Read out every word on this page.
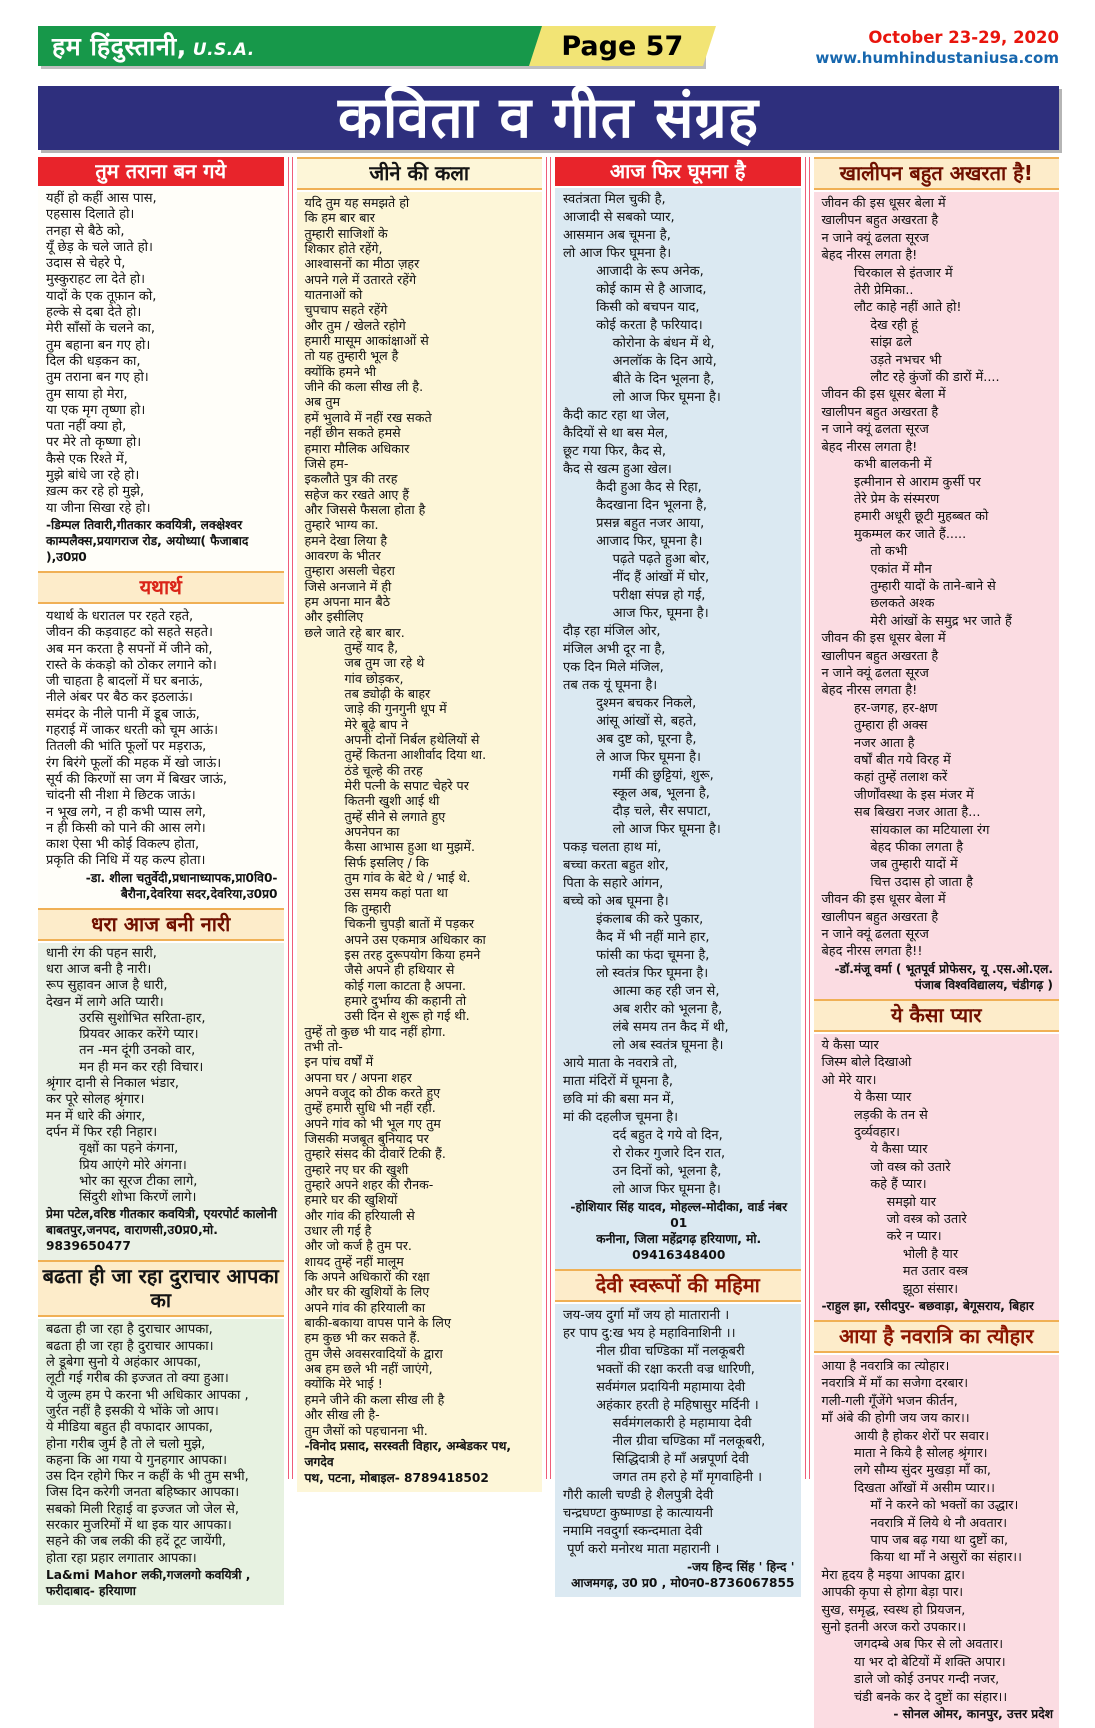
हम हिंदुस्तानी, U.S.A.	Page 57	October 23-29, 2020
www.humhindustaniusa.com
कविता व गीत संग्रह
तुम तराना बन गये
यहीं हो कहीं आस पास,
एहसास दिलाते हो।
तनहा से बैठे को,
यूँ छेड़ के चले जाते हो।
उदास से चेहरे पे,
मुस्कुराहट ला देते हो।
यादों के एक तूफ़ान को,
हल्के से दबा देते हो।
मेरी साँसों के चलने का,
तुम बहाना बन गए हो।
दिल की धड़कन का,
तुम तराना बन गए हो।
तुम साया हो मेरा,
या एक मृग तृष्णा हो।
पता नहीं क्या हो,
पर मेरे तो कृष्णा हो।
कैसे एक रिश्ते में,
मुझे बांधे जा रहे हो।
ख़त्म कर रहे हो मुझे,
या जीना सिखा रहे हो।
-डिम्पल तिवारी,गीतकार कवयित्री, लक्क्षेश्वर
काम्पलैक्स,प्रयागराज रोड, अयोध्या( फैजाबाद ),उ0प्र0
यथार्थ
यथार्थ के धरातल पर रहते रहते,
जीवन की कड़वाहट को सहते सहते।
अब मन करता है सपनों में जीने को,
रास्ते के कंकड़ो को ठोकर लगाने को।
जी चाहता है बादलों में घर बनाऊं,
नीले अंबर पर बैठ कर इठलाऊं।
समंदर के नीले पानी में डूब जाऊं,
गहराई में जाकर धरती को चूम आऊं।
तितली की भांति फूलों पर मड़राऊ,
रंग बिरंगे फूलों की महक में खो जाऊं।
सूर्य की किरणों सा जग में बिखर जाऊं,
चांदनी सी नीशा मे छिटक जाऊं।
न भूख लगे, न ही कभी प्यास लगे,
न ही किसी को पाने की आस लगे।
काश ऐसा भी कोई विकल्प होता,
प्रकृति की निधि में यह कल्प होता।
-डा. शीला चतुर्वेदी,प्रधानाध्यापक,प्रा0वि0-
बैरौना,देवरिया सदर,देवरिया,उ0प्र0
धरा आज बनी नारी
धानी रंग की पहन सारी,
धरा आज बनी है नारी।
रूप सुहावन आज है धारी,
देखन में लागे अति प्यारी।
उरसि सुशोभित सरिता-हार,
प्रियवर आकर करेंगे प्यार।
तन -मन दूंगी उनको वार,
मन ही मन कर रही विचार।
श्रृंगार दानी से निकाल भंडार,
कर पूरे सोलह श्रृंगार।
मन में धारे की अंगार,
दर्पन में फिर रही निहार।
वृक्षों का पहने कंगना,
प्रिय आएंगे मोरे अंगना।
भोर का सूरज टीका लागे,
सिंदुरी शोभा किरणें लागे।
प्रेमा पटेल,वरिष्ठ गीतकार कवयित्री, एयरपोर्ट कालोनी
बाबतपुर,जनपद, वाराणसी,उ0प्र0,मो. 9839650477
बढता ही जा रहा दुराचार आपका का
बढता ही जा रहा है दुराचार आपका,
बढता ही जा रहा है दुराचार आपका।
ले डूबेगा सुनो ये अहंकार आपका,
लूटी गई गरीब की इज्जत तो क्या हुआ।
ये जुल्म हम पे करना भी अधिकार आपका ,
जुर्रत नहीं है इसकी ये भोंके जो आप।
ये मीडिया बहुत ही वफादार आपका,
होना गरीब जुर्म है तो ले चलो मुझे,
कहना कि आ गया ये गुनहगार आपका।
उस दिन रहोगे फिर न कहीं के भी तुम सभी,
जिस दिन करेगी जनता बहिष्कार आपका।
सबको मिली रिहाई वा इज्जत जो जेल से,
सरकार मुजरिमों में था इक यार आपका।
सहने की जब लकी की हदें टूट जायेंगी,
होता रहा प्रहार लगातार आपका।
La&mi Mahor लकी,गजलगो कवयित्री , फरीदाबाद- हरियाणा
जीने की कला
यदि तुम यह समझते हो
कि हम बार बार
तुम्हारी साजिशों के
शिकार होते रहेंगे,
आश्वासनों का मीठा ज़हर
अपने गले में उतारते रहेंगे
यातनाओं को
चुपचाप सहते रहेंगे
और तुम / खेलते रहोगे
हमारी मासूम आकांक्षाओं से
तो यह तुम्हारी भूल है
क्योंकि हमने भी
जीने की कला सीख ली है.
अब तुम
हमें भुलावे में नहीं रख सकते
नहीं छीन सकते हमसे
हमारा मौलिक अधिकार
जिसे हम-
इकलौते पुत्र की तरह
सहेज कर रखते आए हैं
और जिससे फैसला होता है
तुम्हारे भाग्य का.
हमने देखा लिया है
आवरण के भीतर
तुम्हारा असली चेहरा
जिसे अनजाने में ही
हम अपना मान बैठे
और इसीलिए
छले जाते रहे बार बार.
तुम्हें याद है,
जब तुम जा रहे थे
गांव छोड़कर,
तब ड्योढ़ी के बाहर
जाड़े की गुनगुनी धूप में
मेरे बूढ़े बाप ने
अपनी दोनों निर्बल हथेलियों से
तुम्हें कितना आशीर्वाद दिया था.
ठंडे चूल्हे की तरह
मेरी पत्नी के सपाट चेहरे पर
कितनी खुशी आई थी
तुम्हें सीने से लगाते हुए
अपनेपन का
कैसा आभास हुआ था मुझमें.
सिर्फ इसलिए / कि
तुम गांव के बेटे थे / भाई थे.
उस समय कहां पता था
कि तुम्हारी
चिकनी चुपड़ी बातों में पड़कर
अपने उस एकमात्र अधिकार का
इस तरह दुरूपयोग किया हमने
जैसे अपने ही हथियार से
कोई गला काटता है अपना.
हमारे दुर्भाग्य की कहानी तो
उसी दिन से शुरू हो गई थी.
तुम्हें तो कुछ भी याद नहीं होगा.
तभी तो-
इन पांच वर्षों में
अपना घर / अपना शहर
अपने वजूद को ठीक करते हुए
तुम्हें हमारी सुधि भी नहीं रही.
अपने गांव को भी भूल गए तुम
जिसकी मजबूत बुनियाद पर
तुम्हारे संसद की दीवारें टिकी हैं.
तुम्हारे नए घर की खुशी
तुम्हारे अपने शहर की रौनक-
हमारे घर की खुशियों
और गांव की हरियाली से
उधार ली गई है
और जो कर्ज है तुम पर.
शायद तुम्हें नहीं मालूम
कि अपने अधिकारों की रक्षा
और घर की खुशियों के लिए
अपने गांव की हरियाली का
बाकी-बकाया वापस पाने के लिए
हम कुछ भी कर सकते हैं.
तुम जैसे अवसरवादियों के द्वारा
अब हम छले भी नहीं जाएंगे,
क्योंकि मेरे भाई !
हमने जीने की कला सीख ली है
और सीख ली है-
तुम जैसों को पहचानना भी.
-विनोद प्रसाद, सरस्वती विहार, अम्बेडकर पथ, जगदेव
पथ, पटना, मोबाइल- 8789418502
आज फिर घूमना है
स्वतंत्रता मिल चुकी है,
आजादी से सबको प्यार,
आसमान अब चूमना है,
लो आज फिर घूमना है।
आजादी के रूप अनेक,
कोई काम से है आजाद,
किसी को बचपन याद,
कोई करता है फरियाद।
कोरोना के बंधन में थे,
अनलॉक के दिन आये,
बीते के दिन भूलना है,
लो आज फिर घूमना है।
कैदी काट रहा था जेल,
कैदियों से था बस मेल,
छूट गया फिर, कैद से,
कैद से खत्म हुआ खेल।
कैदी हुआ कैद से रिहा,
कैदखाना दिन भूलना है,
प्रसन्न बहुत नजर आया,
आजाद फिर, घूमना है।
पढ़ते पढ़ते हुआ बोर,
नींद हैं आंखों में घोर,
परीक्षा संपन्न हो गई,
आज फिर, घूमना है।
दौड़ रहा मंजिल ओर,
मंजिल अभी दूर ना है,
एक दिन मिले मंजिल,
तब तक यूं घूमना है।
दुश्मन बचकर निकले,
आंसू आंखों से, बहते,
अब दुष्ट को, घूरना है,
ले आज फिर घूमना है।
गर्मी की छुट्टियां, शुरू,
स्कूल अब, भूलना है,
दौड़ चले, सैर सपाटा,
लो आज फिर घूमना है।
पकड़ चलता हाथ मां,
बच्चा करता बहुत शोर,
पिता के सहारे आंगन,
बच्चे को अब घूमना है।
इंकलाब की करे पुकार,
कैद में भी नहीं माने हार,
फांसी का फंदा चूमना है,
लो स्वतंत्र फिर घूमना है।
आत्मा कह रही जन से,
अब शरीर को भूलना है,
लंबे समय तन कैद में थी,
लो अब स्वतंत्र घूमना है।
आये माता के नवरात्रे तो,
माता मंदिरों में घूमना है,
छवि मां की बसा मन में,
मां की दहलीज चूमना है।
दर्द बहुत दे गये वो दिन,
रो रोकर गुजारे दिन रात,
उन दिनों को, भूलना है,
लो आज फिर घूमना है।
-होशियार सिंह यादव, मोहल्ल-मोदीका, वार्ड नंबर 01
कनीना, जिला महेंद्रगढ़ हरियाणा, मो. 09416348400
देवी स्वरूपों की महिमा
जय-जय दुर्गा माँ जय हो मातारानी ।
हर पाप दु:ख भय हे महाविनाशिनी ।।
नील ग्रीवा चण्डिका माँ नलकूबरी
भक्तों की रक्षा करती वज्र धारिणी,
सर्वमंगल प्रदायिनी महामाया देवी
अहंकार हरती हे महिषासुर मर्दिनी ।
सर्वमंगलकारी हे महामाया देवी
नील ग्रीवा चण्डिका माँ नलकूबरी,
सिद्धिदात्री हे माँ अन्नपूर्णा देवी
जगत तम हरो हे माँ मृगवाहिनी ।
गौरी काली चण्डी हे शैलपुत्री देवी
चन्द्रघण्टा कुष्माण्डा हे कात्यायनी
नमामि नवदुर्गा स्कन्दमाता देवी
पूर्ण करो मनोरथ माता महारानी ।
-जय हिन्द सिंह ' हिन्द '
आजमगढ़, उ0 प्र0 , मो0न0-8736067855
खालीपन बहुत अखरता है!
जीवन की इस धूसर बेला में
खालीपन बहुत अखरता है
न जाने क्यूं ढलता सूरज
बेहद नीरस लगता है!
चिरकाल से इंतजार में
तेरी प्रेमिका..
लौट काहे नहीं आते हो!
देख रही हूं
सांझ ढले
उड़ते नभचर भी
लौट रहे कुंजों की डारों में....
जीवन की इस धूसर बेला में
खालीपन बहुत अखरता है
न जाने क्यूं ढलता सूरज
बेहद नीरस लगता है!
कभी बालकनी में
इत्मीनान से आराम कुर्सी पर
तेरे प्रेम के संस्मरण
हमारी अधूरी छूटी मुहब्बत को
मुकम्मल कर जाते हैं.....
तो कभी
एकांत में मौन
तुम्हारी यादों के ताने-बाने से
छलकते अश्क
मेरी आंखों के समुद्र भर जाते हैं
जीवन की इस धूसर बेला में
खालीपन बहुत अखरता है
न जाने क्यूं ढलता सूरज
बेहद नीरस लगता है!
हर-जगह, हर-क्षण
तुम्हारा ही अक्स
नजर आता है
वर्षों बीत गये विरह में
कहां तुम्हें तलाश करें
जीर्णोंवस्था के इस मंजर में
सब बिखरा नजर आता है...
सांयकाल का मटियाला रंग
बेहद फीका लगता है
जब तुम्हारी यादों में
चित्त उदास हो जाता है
जीवन की इस धूसर बेला में
खालीपन बहुत अखरता है
न जाने क्यूं ढलता सूरज
बेहद नीरस लगता है!!
-डॉ.मंजू वर्मा ( भूतपूर्व प्रोफेसर, यू .एस.ओ.एल.
पंजाब विश्वविद्यालय, चंडीगढ़ )
ये कैसा प्यार
ये कैसा प्यार
जिस्म बोले दिखाओ
ओ मेरे यार।
ये कैसा प्यार
लड़की के तन से
दुर्व्यवहार।
ये कैसा प्यार
जो वस्त्र को उतारे
कहे हैं प्यार।
समझो यार
जो वस्त्र को उतारे
करे न प्यार।
भोली है यार
मत उतार वस्त्र
झूठा संसार।
-राहुल झा, रसीदपुर- बछवाड़ा, बेगूसराय, बिहार
आया है नवरात्रि का त्यौहार
आया है नवरात्रि का त्योहार।
नवरात्रि में माँ का सजेगा दरबार।
गली-गली गूँजेंगे भजन कीर्तन,
माँ अंबे की होगी जय जय कार।।
आयी है होकर शेरों पर सवार।
माता ने किये है सोलह श्रृंगार।
लगे सौम्य सुंदर मुखड़ा माँ का,
दिखता आँखों में असीम प्यार।।
माँ ने करने को भक्तों का उद्धार।
नवरात्रि में लिये थे नौ अवतार।
पाप जब बढ़ गया था दुष्टों का,
किया था माँ ने असुरों का संहार।।
मेरा हृदय है मइया आपका द्वार।
आपकी कृपा से होगा बेड़ा पार।
सुख, समृद्ध, स्वस्थ हो प्रियजन,
सुनो इतनी अरज करो उपकार।।
जगदम्बे अब फिर से लो अवतार।
या भर दो बेटियों में शक्ति अपार।
डाले जो कोई उनपर गन्दी नजर,
चंडी बनके कर दे दुष्टों का संहार।।
- सोनल ओमर, कानपुर, उत्तर प्रदेश
